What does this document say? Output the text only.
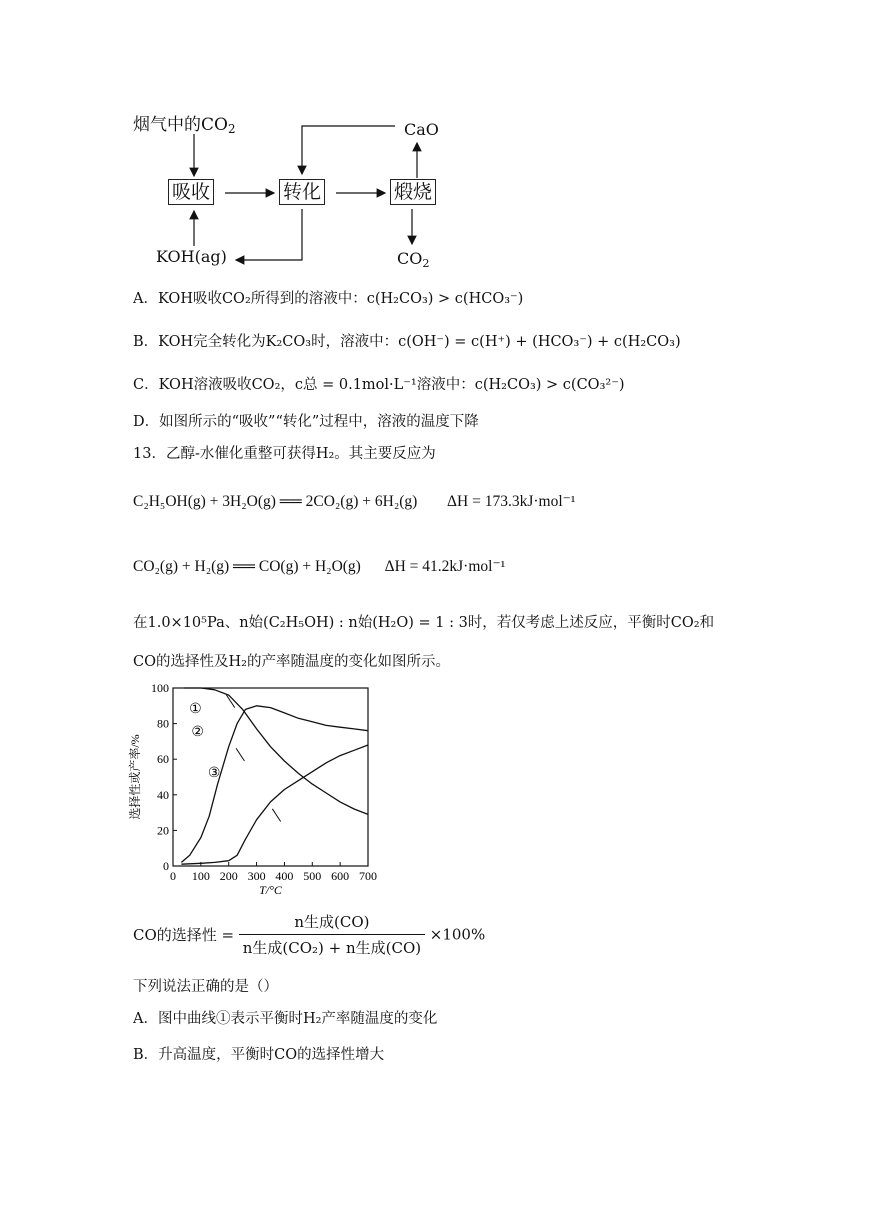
烟气中的$CO_2$
吸收	转化	煅烧
CaO
$CO_2$
KOH(ag)
A．KOH吸收CO₂所得到的溶液中：c(H₂CO₃) > c(HCO₃⁻)
B．KOH完全转化为K₂CO₃时，溶液中：c(OH⁻) = c(H⁺) + (HCO₃⁻) + c(H₂CO₃)
C．KOH溶液吸收CO₂，c总 = 0.1mol·L⁻¹溶液中：c(H₂CO₃) > c(CO₃²⁻)
D．如图所示的“吸收”“转化”过程中，溶液的温度下降
13．乙醇-水催化重整可获得H₂。其主要反应为
C₂H₅OH(g) + 3H₂O(g) ══ 2CO₂(g) + 6H₂(g) ΔH = 173.3kJ·mol⁻¹
CO₂(g) + H₂(g) ══ CO(g) + H₂O(g) ΔH = 41.2kJ·mol⁻¹
在1.0×10⁵Pa、n始(C₂H₅OH) : n始(H₂O) = 1 : 3时，若仅考虑上述反应，平衡时CO₂和
CO的选择性及H₂的产率随温度的变化如图所示。
0 100 200 300 400 500 600 700
0
20
40
60
80
100
T/°C
选择性或产率/%
①
②
③
CO的选择性 = $\frac{\text{n生成(CO)}}{\text{n生成(CO₂) + n生成(CO)}} \times 100\%$
下列说法正确的是（）
A．图中曲线①表示平衡时H₂产率随温度的变化
B．升高温度，平衡时CO的选择性增大
